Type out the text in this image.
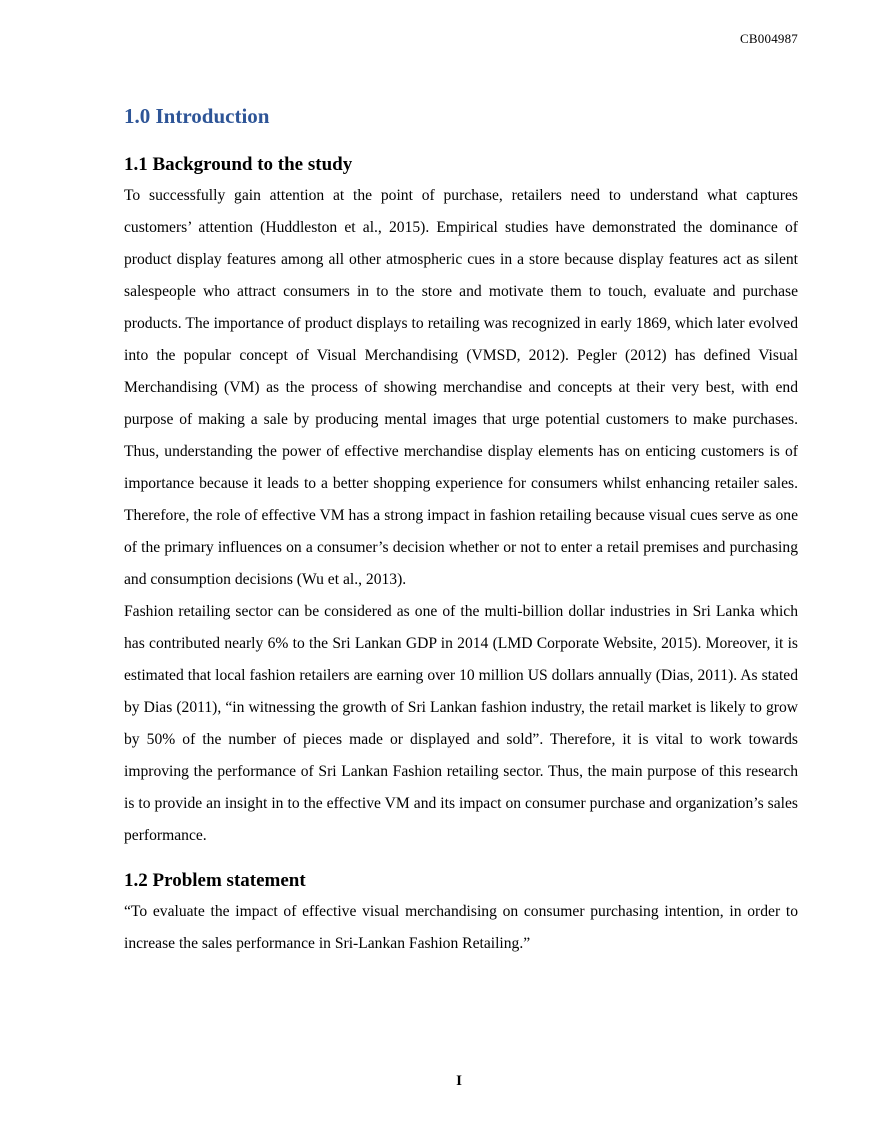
CB004987
1.0 Introduction
1.1 Background to the study

To successfully gain attention at the point of purchase, retailers need to understand what captures customers’ attention (Huddleston et al., 2015). Empirical studies have demonstrated the dominance of product display features among all other atmospheric cues in a store because display features act as silent salespeople who attract consumers in to the store and motivate them to touch, evaluate and purchase products. The importance of product displays to retailing was recognized in early 1869, which later evolved into the popular concept of Visual Merchandising (VMSD, 2012). Pegler (2012) has defined Visual Merchandising (VM) as the process of showing merchandise and concepts at their very best, with end purpose of making a sale by producing mental images that urge potential customers to make purchases. Thus, understanding the power of effective merchandise display elements has on enticing customers is of importance because it leads to a better shopping experience for consumers whilst enhancing retailer sales. Therefore, the role of effective VM has a strong impact in fashion retailing because visual cues serve as one of the primary influences on a consumer’s decision whether or not to enter a retail premises and purchasing and consumption decisions (Wu et al., 2013).

Fashion retailing sector can be considered as one of the multi-billion dollar industries in Sri Lanka which has contributed nearly 6% to the Sri Lankan GDP in 2014 (LMD Corporate Website, 2015). Moreover, it is estimated that local fashion retailers are earning over 10 million US dollars annually (Dias, 2011). As stated by Dias (2011), “in witnessing the growth of Sri Lankan fashion industry, the retail market is likely to grow by 50% of the number of pieces made or displayed and sold”. Therefore, it is vital to work towards improving the performance of Sri Lankan Fashion retailing sector. Thus, the main purpose of this research is to provide an insight in to the effective VM and its impact on consumer purchase and organization’s sales performance.

1.2 Problem statement

“To evaluate the impact of effective visual merchandising on consumer purchasing intention, in order to increase the sales performance in Sri-Lankan Fashion Retailing.”

I
